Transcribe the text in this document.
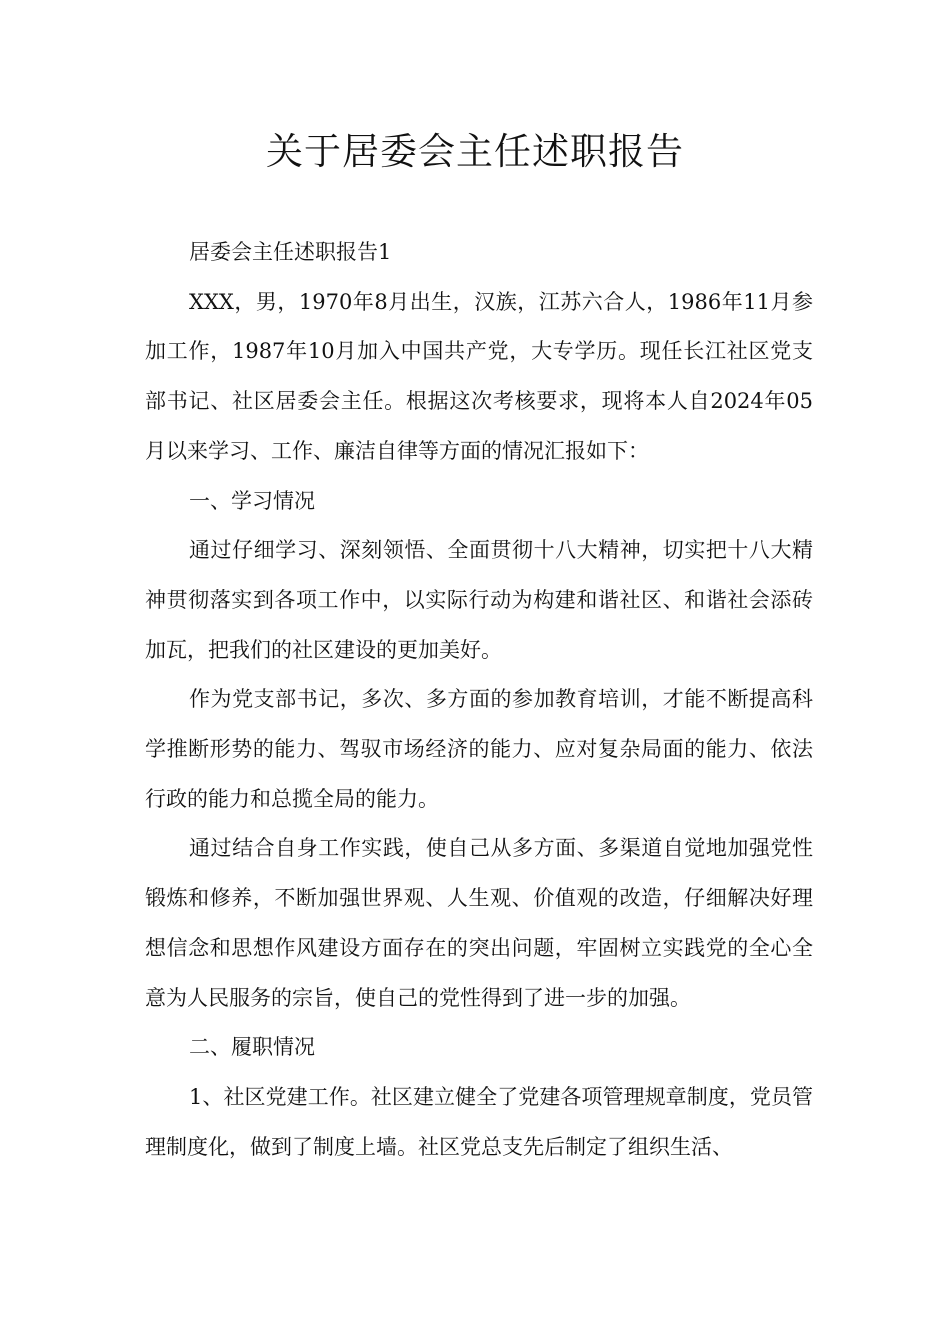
关于居委会主任述职报告

居委会主任述职报告1

XXX，男，1970年8月出生，汉族，江苏六合人，1986年11月参加工作，1987年10月加入中国共产党，大专学历。现任长江社区党支部书记、社区居委会主任。根据这次考核要求，现将本人自2024年05月以来学习、工作、廉洁自律等方面的情况汇报如下：

一、学习情况

通过仔细学习、深刻领悟、全面贯彻十八大精神，切实把十八大精神贯彻落实到各项工作中，以实际行动为构建和谐社区、和谐社会添砖加瓦，把我们的社区建设的更加美好。

作为党支部书记，多次、多方面的参加教育培训，才能不断提高科学推断形势的能力、驾驭市场经济的能力、应对复杂局面的能力、依法行政的能力和总揽全局的能力。

通过结合自身工作实践，使自己从多方面、多渠道自觉地加强党性锻炼和修养，不断加强世界观、人生观、价值观的改造，仔细解决好理想信念和思想作风建设方面存在的突出问题，牢固树立实践党的全心全意为人民服务的宗旨，使自己的党性得到了进一步的加强。

二、履职情况

1、社区党建工作。社区建立健全了党建各项管理规章制度，党员管理制度化，做到了制度上墙。社区党总支先后制定了组织生活、
